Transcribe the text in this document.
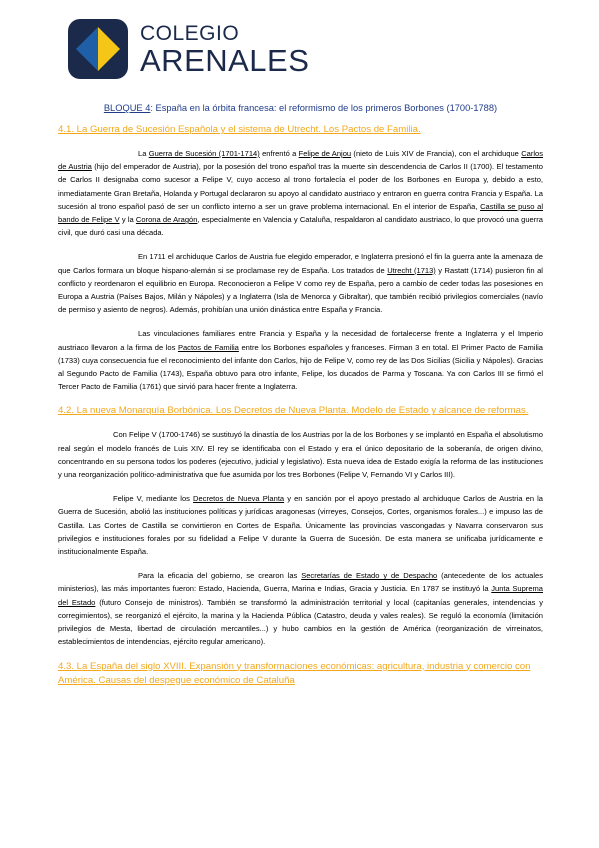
COLEGIO
ARENALES
BLOQUE 4: España en la órbita francesa: el reformismo de los primeros Borbones (1700-1788)
4.1. La Guerra de Sucesión Española y el sistema de Utrecht. Los Pactos de Familia.

La Guerra de Sucesión (1701-1714) enfrentó a Felipe de Anjou (nieto de Luis XIV de Francia), con el archiduque Carlos de Austria (hijo del emperador de Austria), por la posesión del trono español tras la muerte sin descendencia de Carlos II (1700). El testamento de Carlos II designaba como sucesor a Felipe V, cuyo acceso al trono fortalecía el poder de los Borbones en Europa y, debido a esto, inmediatamente Gran Bretaña, Holanda y Portugal declararon su apoyo al candidato austriaco y entraron en guerra contra Francia y España. La sucesión al trono español pasó de ser un conflicto interno a ser un grave problema internacional. En el interior de España, Castilla se puso al bando de Felipe V y la Corona de Aragón, especialmente en Valencia y Cataluña, respaldaron al candidato austriaco, lo que provocó una guerra civil, que duró casi una década.

En 1711 el archiduque Carlos de Austria fue elegido emperador, e Inglaterra presionó el fin la guerra ante la amenaza de que Carlos formara un bloque hispano-alemán si se proclamase rey de España. Los tratados de Utrecht (1713) y Rastatt (1714) pusieron fin al conflicto y reordenaron el equilibrio en Europa. Reconocieron a Felipe V como rey de España, pero a cambio de ceder todas las posesiones en Europa a Austria (Países Bajos, Milán y Nápoles) y a Inglaterra (Isla de Menorca y Gibraltar), que también recibió privilegios comerciales (navío de permiso y asiento de negros). Además, prohibían una unión dinástica entre España y Francia.

Las vinculaciones familiares entre Francia y España y la necesidad de fortalecerse frente a Inglaterra y el Imperio austriaco llevaron a la firma de los Pactos de Familia entre los Borbones españoles y franceses. Firman 3 en total. El Primer Pacto de Familia (1733) cuya consecuencia fue el reconocimiento del infante don Carlos, hijo de Felipe V, como rey de las Dos Sicilias (Sicilia y Nápoles). Gracias al Segundo Pacto de Familia (1743), España obtuvo para otro infante, Felipe, los ducados de Parma y Toscana. Ya con Carlos III se firmó el Tercer Pacto de Familia (1761) que sirvió para hacer frente a Inglaterra.

4.2. La nueva Monarquía Borbónica. Los Decretos de Nueva Planta. Modelo de Estado y alcance de reformas.

Con Felipe V (1700-1746) se sustituyó la dinastía de los Austrias por la de los Borbones y se implantó en España el absolutismo real según el modelo francés de Luis XIV. El rey se identificaba con el Estado y era el único depositario de la soberanía, de origen divino, concentrando en su persona todos los poderes (ejecutivo, judicial y legislativo). Esta nueva idea de Estado exigía la reforma de las instituciones y una reorganización político-administrativa que fue asumida por los tres Borbones (Felipe V, Fernando VI y Carlos III).

Felipe V, mediante los Decretos de Nueva Planta y en sanción por el apoyo prestado al archiduque Carlos de Austria en la Guerra de Sucesión, abolió las instituciones políticas y jurídicas aragonesas (virreyes, Consejos, Cortes, organismos forales...) e impuso las de Castilla. Las Cortes de Castilla se convirtieron en Cortes de España. Únicamente las provincias vascongadas y Navarra conservaron sus privilegios e instituciones forales por su fidelidad a Felipe V durante la Guerra de Sucesión. De esta manera se unificaba jurídicamente e institucionalmente España.

Para la eficacia del gobierno, se crearon las Secretarías de Estado y de Despacho (antecedente de los actuales ministerios), las más importantes fueron: Estado, Hacienda, Guerra, Marina e Indias, Gracia y Justicia. En 1787 se instituyó la Junta Suprema del Estado (futuro Consejo de ministros). También se transformó la administración territorial y local (capitanías generales, intendencias y corregimientos), se reorganizó el ejército, la marina y la Hacienda Pública (Catastro, deuda y vales reales). Se reguló la economía (limitación privilegios de Mesta, libertad de circulación mercantiles...) y hubo cambios en la gestión de América (reorganización de virreinatos, establecimientos de intendencias, ejército regular americano).

4.3. La España del siglo XVIII. Expansión y transformaciones económicas: agricultura, industria y comercio con América. Causas del despegue económico de Cataluña
